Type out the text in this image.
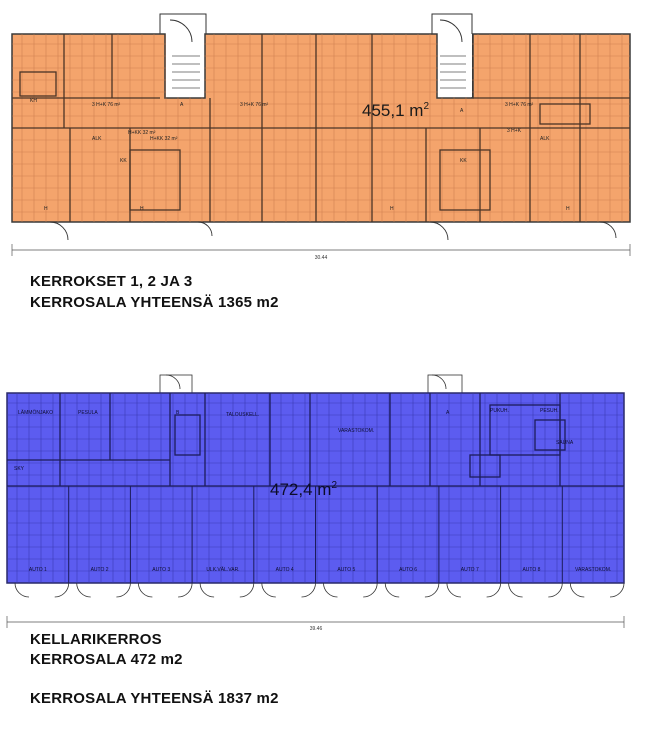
30.44
KH
3 H+K 76 m²	3 H+K 76 m²
H+KK 32 m²
H+KK 32 m²
3 H+K 76 m²
3 H+K
ALK	ALK
KK	KK
H	H	H	H
A
A
455,1 $m^2$
39.46
LÄMMÖNJAKO	PESULA	TALOUSKELL.
VARASTOKOM.
PUKUH.	PESUH.
SAUNA
B	A
SKY
AUTO 1	AUTO 2	AUTO 3	ULK.VÄL.VAR.	AUTO 4	AUTO 5	AUTO 6	AUTO 7	AUTO 8	VARASTOKOM.
472,4 $m^2$
KERROKSET 1, 2 JA 3
KERROSALA YHTEENSÄ 1365 m2
KELLARIKERROS
KERROSALA 472 m2
KERROSALA YHTEENSÄ 1837 m2
